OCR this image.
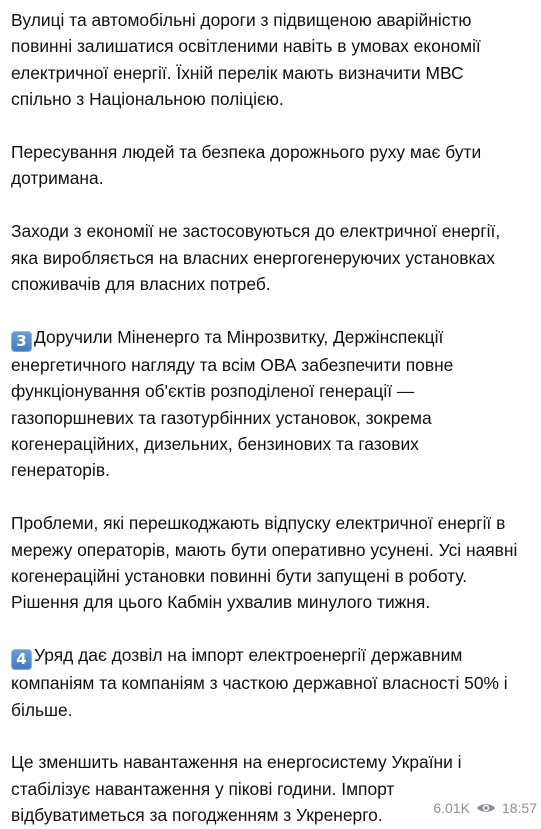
Вулиці та автомобільні дороги з підвищеною аварійністю
повинні залишатися освітленими навіть в умовах економії
електричної енергії. Їхній перелік мають визначити МВС
спільно з Національною поліцією.
Пересування людей та безпека дорожнього руху має бути
дотримана.
Заходи з економії не застосовуються до електричної енергії,
яка виробляється на власних енергогенеруючих установках
споживачів для власних потреб.
3 Доручили Міненерго та Мінрозвитку, Держінспекції
енергетичного нагляду та всім ОВА забезпечити повне
функціонування об'єктів розподіленої генерації —
газопоршневих та газотурбінних установок, зокрема
когенераційних, дизельних, бензинових та газових
генераторів.
Проблеми, які перешкоджають відпуску електричної енергії в
мережу операторів, мають бути оперативно усунені. Усі наявні
когенераційні установки повинні бути запущені в роботу.
Рішення для цього Кабмін ухвалив минулого тижня.
4 Уряд дає дозвіл на імпорт електроенергії державним
компаніям та компаніям з часткою державної власності 50% і
більше.
Це зменшить навантаження на енергосистему України і
стабілізує навантаження у пікові години. Імпорт
відбуватиметься за погодженням з Укренерго.	6.01K 18:57
